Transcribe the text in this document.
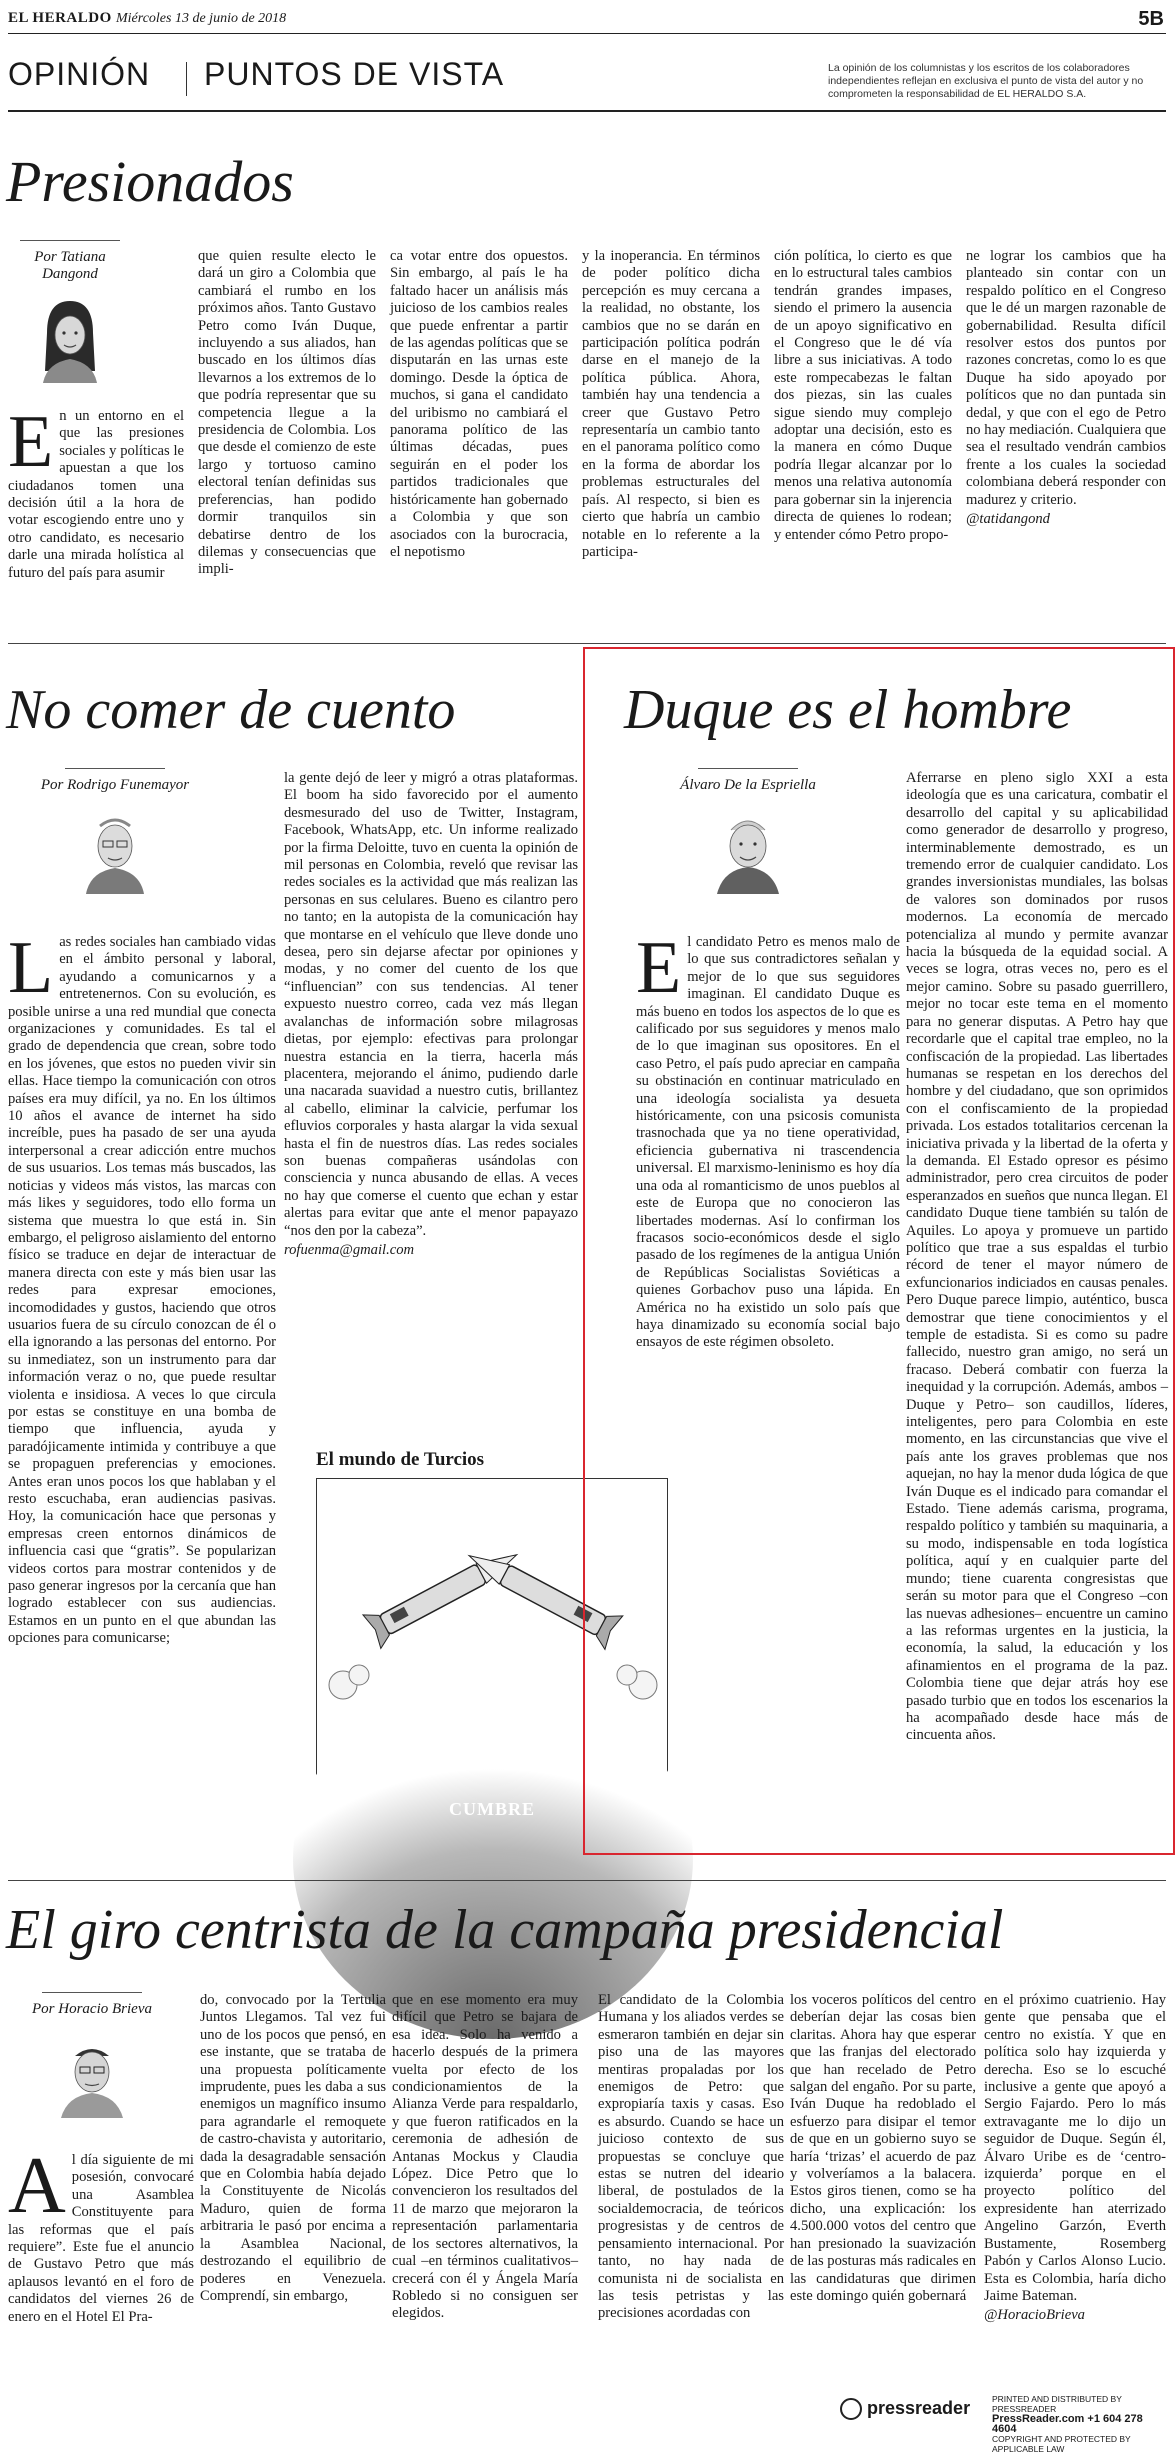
EL HERALDO Miércoles 13 de junio de 2018	5B
OPINIÓN PUNTOS DE VISTA	La opinión de los columnistas y los escritos de los colaboradores independientes reflejan en exclusiva el punto de vista del autor y no comprometen la responsabilidad de EL HERALDO S.A.

Presionados
Por Tatiana Dangond
En un entorno en el que las presiones sociales y políticas le apuestan a que los ciudadanos tomen una decisión útil a la hora de votar escogiendo entre uno y otro candidato, es necesario darle una mirada holística al futuro del país para asumir
que quien resulte electo le dará un giro a Colombia que cambiará el rumbo en los próximos años. Tanto Gustavo Petro como Iván Duque, incluyendo a sus aliados, han buscado en los últimos días llevarnos a los extremos de lo que podría representar que su competencia llegue a la presidencia de Colombia. Los que desde el comienzo de este largo y tortuoso camino electoral tenían definidas sus preferencias, han podido dormir tranquilos sin debatirse dentro de los dilemas y consecuencias que impli-
ca votar entre dos opuestos. Sin embargo, al país le ha faltado hacer un análisis más juicioso de los cambios reales que puede enfrentar a partir de las agendas políticas que se disputarán en las urnas este domingo. Desde la óptica de muchos, si gana el candidato del uribismo no cambiará el panorama político de las últimas décadas, pues seguirán en el poder los partidos tradicionales que históricamente han gobernado a Colombia y que son asociados con la burocracia, el nepotismo
y la inoperancia. En términos de poder político dicha percepción es muy cercana a la realidad, no obstante, los cambios que no se darán en participación política podrán darse en el manejo de la política pública. Ahora, también hay una tendencia a creer que Gustavo Petro representaría un cambio tanto en el panorama político como en la forma de abordar los problemas estructurales del país. Al respecto, si bien es cierto que habría un cambio notable en lo referente a la participa-
ción política, lo cierto es que en lo estructural tales cambios tendrán grandes impases, siendo el primero la ausencia de un apoyo significativo en el Congreso que le dé vía libre a sus iniciativas. A todo este rompecabezas le faltan dos piezas, sin las cuales sigue siendo muy complejo adoptar una decisión, esto es la manera en cómo Duque podría llegar alcanzar por lo menos una relativa autonomía para gobernar sin la injerencia directa de quienes lo rodean; y entender cómo Petro propo-
ne lograr los cambios que ha planteado sin contar con un respaldo político en el Congreso que le dé un margen razonable de gobernabilidad. Resulta difícil resolver estos dos puntos por razones concretas, como lo es que Duque ha sido apoyado por políticos que no dan puntada sin dedal, y que con el ego de Petro no hay mediación. Cualquiera que sea el resultado vendrán cambios frente a los cuales la sociedad colombiana deberá responder con madurez y criterio.
@tatidangond
No comer de cuento
Por Rodrigo Funemayor
Las redes sociales han cambiado vidas en el ámbito personal y laboral, ayudando a comunicarnos y a entretenernos. Con su evolución, es posible unirse a una red mundial que conecta organizaciones y comunidades. Es tal el grado de dependencia que crean, sobre todo en los jóvenes, que estos no pueden vivir sin ellas. Hace tiempo la comunicación con otros países era muy difícil, ya no. En los últimos 10 años el avance de internet ha sido increíble, pues ha pasado de ser una ayuda interpersonal a crear adicción entre muchos de sus usuarios. Los temas más buscados, las noticias y videos más vistos, las marcas con más likes y seguidores, todo ello forma un sistema que muestra lo que está in. Sin embargo, el peligroso aislamiento del entorno físico se traduce en dejar de interactuar de manera directa con este y más bien usar las redes para expresar emociones, incomodidades y gustos, haciendo que otros usuarios fuera de su círculo conozcan de él o ella ignorando a las personas del entorno. Por su inmediatez, son un instrumento para dar información veraz o no, que puede resultar violenta e insidiosa. A veces lo que circula por estas se constituye en una bomba de tiempo que influencia, ayuda y paradójicamente intimida y contribuye a que se propaguen preferencias y emociones. Antes eran unos pocos los que hablaban y el resto escuchaba, eran audiencias pasivas. Hoy, la comunicación hace que personas y empresas creen entornos dinámicos de influencia casi que “gratis”. Se popularizan videos cortos para mostrar contenidos y de paso generar ingresos por la cercanía que han logrado establecer con sus audiencias. Estamos en un punto en el que abundan las opciones para comunicarse;
la gente dejó de leer y migró a otras plataformas. El boom ha sido favorecido por el aumento desmesurado del uso de Twitter, Instagram, Facebook, WhatsApp, etc. Un informe realizado por la firma Deloitte, tuvo en cuenta la opinión de mil personas en Colombia, reveló que revisar las redes sociales es la actividad que más realizan las personas en sus celulares. Bueno es cilantro pero no tanto; en la autopista de la comunicación hay que montarse en el vehículo que lleve donde uno desea, pero sin dejarse afectar por opiniones y modas, y no comer del cuento de los que “influencian” con sus tendencias. Al tener expuesto nuestro correo, cada vez más llegan avalanchas de información sobre milagrosas dietas, por ejemplo: efectivas para prolongar nuestra estancia en la tierra, hacerla más placentera, mejorando el ánimo, pudiendo darle una nacarada suavidad a nuestro cutis, brillantez al cabello, eliminar la calvicie, perfumar los efluvios corporales y hasta alargar la vida sexual hasta el fin de nuestros días. Las redes sociales son buenas compañeras usándolas con consciencia y nunca abusando de ellas. A veces no hay que comerse el cuento que echan y estar alertas para evitar que ante el menor papayazo “nos den por la cabeza”.
rofuenma@gmail.com
El mundo de Turcios
CUMBRE
Duque es el hombre
Álvaro De la Espriella
El candidato Petro es menos malo de lo que sus contradictores señalan y mejor de lo que sus seguidores imaginan. El candidato Duque es más bueno en todos los aspectos de lo que es calificado por sus seguidores y menos malo de lo que imaginan sus opositores. En el caso Petro, el país pudo apreciar en campaña su obstinación en continuar matriculado en una ideología socialista ya desueta históricamente, con una psicosis comunista trasnochada que ya no tiene operatividad, eficiencia gubernativa ni trascendencia universal. El marxismo-leninismo es hoy día una oda al romanticismo de unos pueblos al este de Europa que no conocieron las libertades modernas. Así lo confirman los fracasos socio-económicos desde el siglo pasado de los regímenes de la antigua Unión de Repúblicas Socialistas Soviéticas a quienes Gorbachov puso una lápida. En América no ha existido un solo país que haya dinamizado su economía social bajo ensayos de este régimen obsoleto.
Aferrarse en pleno siglo XXI a esta ideología que es una caricatura, combatir el desarrollo del capital y su aplicabilidad como generador de desarrollo y progreso, interminablemente demostrado, es un tremendo error de cualquier candidato. Los grandes inversionistas mundiales, las bolsas de valores son dominados por rusos modernos. La economía de mercado potencializa al mundo y permite avanzar hacia la búsqueda de la equidad social. A veces se logra, otras veces no, pero es el mejor camino. Sobre su pasado guerrillero, mejor no tocar este tema en el momento para no generar disputas. A Petro hay que recordarle que el capital trae empleo, no la confiscación de la propiedad. Las libertades humanas se respetan en los derechos del hombre y del ciudadano, que son oprimidos con el confiscamiento de la propiedad privada. Los estados totalitarios cercenan la iniciativa privada y la libertad de la oferta y la demanda. El Estado opresor es pésimo administrador, pero crea circuitos de poder esperanzados en sueños que nunca llegan. El candidato Duque tiene también su talón de Aquiles. Lo apoya y promueve un partido político que trae a sus espaldas el turbio récord de tener el mayor número de exfuncionarios indiciados en causas penales. Pero Duque parece limpio, auténtico, busca demostrar que tiene conocimientos y el temple de estadista. Si es como su padre fallecido, nuestro gran amigo, no será un fracaso. Deberá combatir con fuerza la inequidad y la corrupción. Además, ambos –Duque y Petro– son caudillos, líderes, inteligentes, pero para Colombia en este momento, en las circunstancias que vive el país ante los graves problemas que nos aquejan, no hay la menor duda lógica de que Iván Duque es el indicado para comandar el Estado. Tiene además carisma, programa, respaldo político y también su maquinaria, a su modo, indispensable en toda logística política, aquí y en cualquier parte del mundo; tiene cuarenta congresistas que serán su motor para que el Congreso –con las nuevas adhesiones– encuentre un camino a las reformas urgentes en la justicia, la economía, la salud, la educación y los afinamientos en el programa de la paz. Colombia tiene que dejar atrás hoy ese pasado turbio que en todos los escenarios la ha acompañado desde hace más de cincuenta años.
El giro centrista de la campaña presidencial
Por Horacio Brieva
Al día siguiente de mi posesión, convocaré una Asamblea Constituyente para las reformas que el país requiere”. Este fue el anuncio de Gustavo Petro que más aplausos levantó en el foro de candidatos del viernes 26 de enero en el Hotel El Pra-
do, convocado por la Tertulia Juntos Llegamos. Tal vez fui uno de los pocos que pensó, en ese instante, que se trataba de una propuesta políticamente imprudente, pues les daba a sus enemigos un magnífico insumo para agrandarle el remoquete de castro-chavista y autoritario, dada la desagradable sensación que en Colombia había dejado la Constituyente de Nicolás Maduro, quien de forma arbitraria le pasó por encima a la Asamblea Nacional, destrozando el equilibrio de poderes en Venezuela. Comprendí, sin embargo,
que en ese momento era muy difícil que Petro se bajara de esa idea. Solo ha venido a hacerlo después de la primera vuelta por efecto de los condicionamientos de la Alianza Verde para respaldarlo, y que fueron ratificados en la ceremonia de adhesión de Antanas Mockus y Claudia López. Dice Petro que lo convencieron los resultados del 11 de marzo que mejoraron la representación parlamentaria de los sectores alternativos, la cual –en términos cualitativos– crecerá con él y Ángela María Robledo si no consiguen ser elegidos.
El candidato de la Colombia Humana y los aliados verdes se esmeraron también en dejar sin piso una de las mayores mentiras propaladas por los enemigos de Petro: que expropiaría taxis y casas. Eso es absurdo. Cuando se hace un juicioso contexto de sus propuestas se concluye que estas se nutren del ideario liberal, de postulados de la socialdemocracia, de teóricos progresistas y de centros de pensamiento internacional. Por tanto, no hay nada de comunista ni de socialista en las tesis petristas y las precisiones acordadas con
los voceros políticos del centro deberían dejar las cosas bien claritas. Ahora hay que esperar que las franjas del electorado que han recelado de Petro salgan del engaño. Por su parte, Iván Duque ha redoblado el esfuerzo para disipar el temor de que en un gobierno suyo se haría ‘trizas’ el acuerdo de paz y volveríamos a la balacera. Estos giros tienen, como se ha dicho, una explicación: los 4.500.000 votos del centro que han presionado la suavización de las posturas más radicales en las candidaturas que dirimen este domingo quién gobernará
en el próximo cuatrienio. Hay gente que pensaba que el centro no existía. Y que en política solo hay izquierda y derecha. Eso se lo escuché inclusive a gente que apoyó a Sergio Fajardo. Pero lo más extravagante me lo dijo un seguidor de Duque. Según él, Álvaro Uribe es de ‘centro-izquierda’ porque en el proyecto político del expresidente han aterrizado Angelino Garzón, Everth Bustamente, Rosemberg Pabón y Carlos Alonso Lucio. Esta es Colombia, haría dicho Jaime Bateman.
@HoracioBrieva
pressreader	PRINTED AND DISTRIBUTED BY PRESSREADER
PressReader.com +1 604 278 4604
COPYRIGHT AND PROTECTED BY APPLICABLE LAW
